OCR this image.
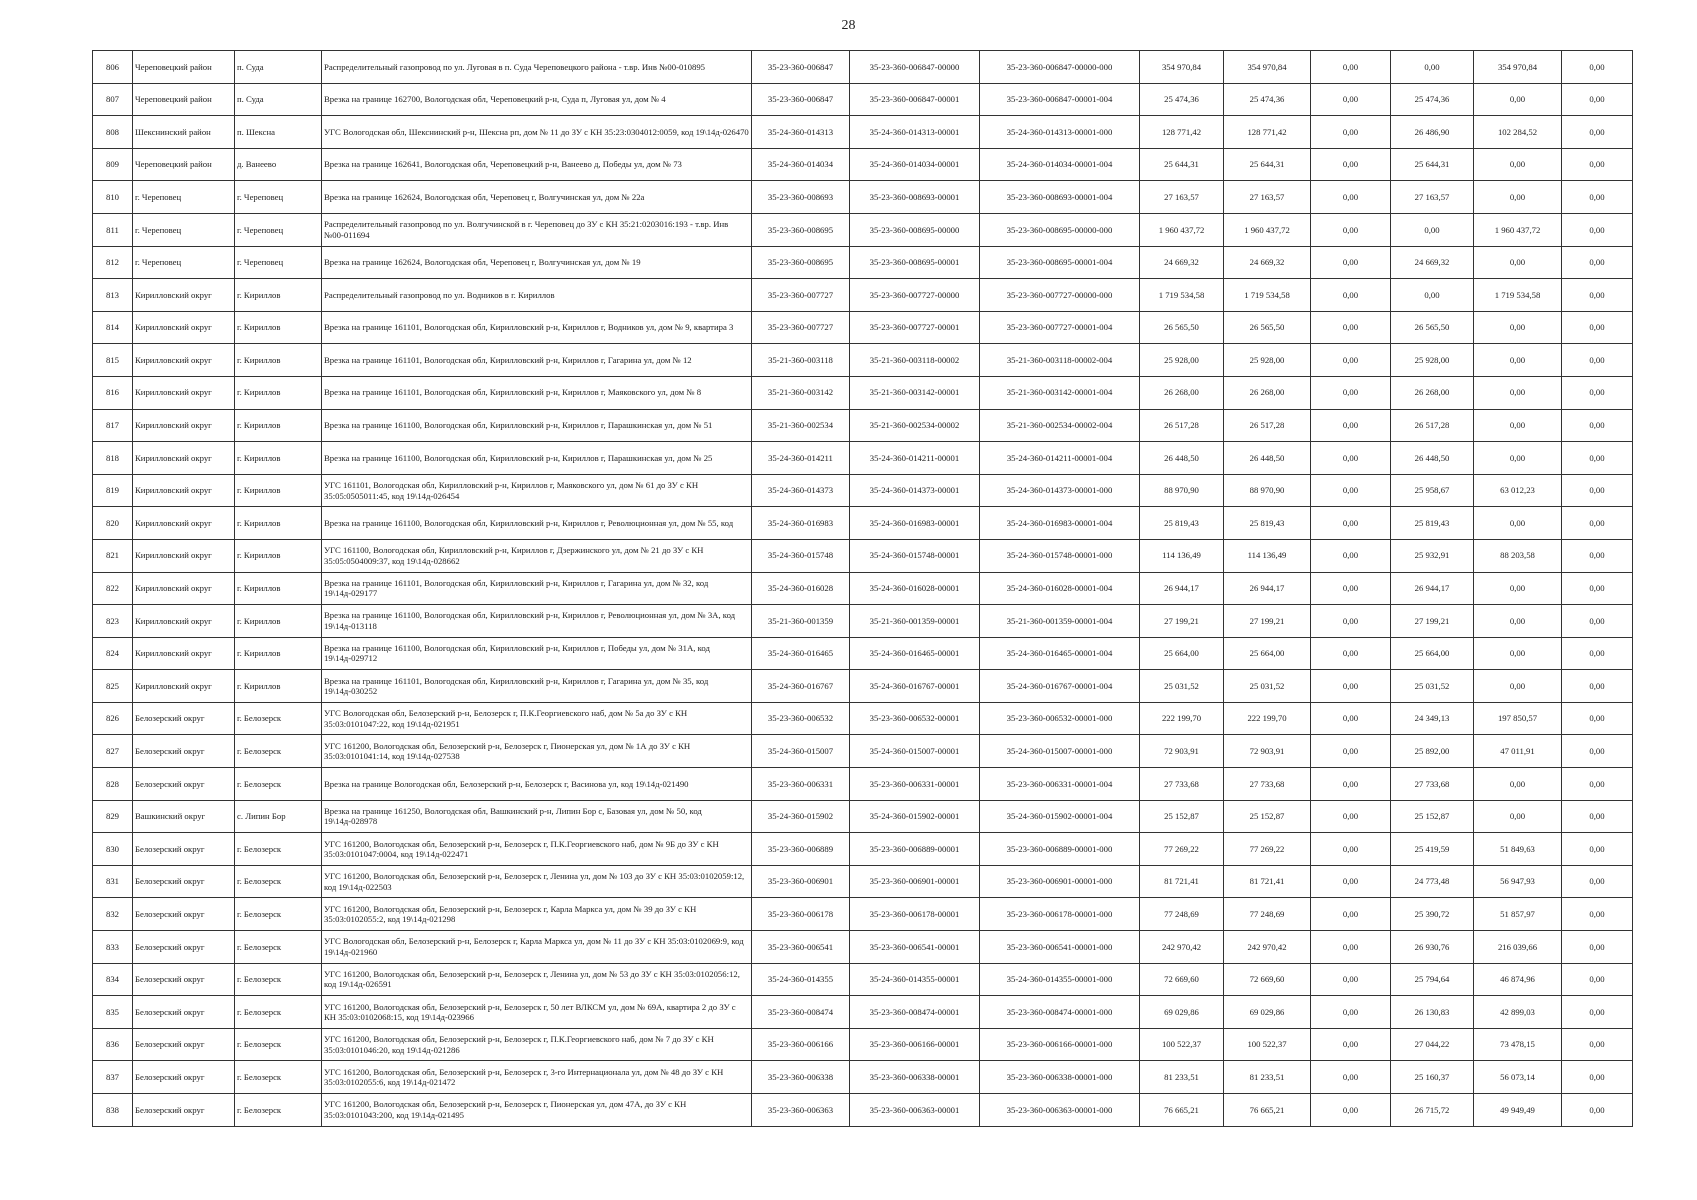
28
806	Череповецкий район	п. Суда	Распределительный газопровод по ул. Луговая в п. Суда Череповецкого района - т.вр. Инв №00-010895	35-23-360-006847	35-23-360-006847-00000	35-23-360-006847-00000-000	354 970,84	354 970,84	0,00	0,00	354 970,84	0,00
807	Череповецкий район	п. Суда	Врезка на границе 162700, Вологодская обл, Череповецкий р-н, Суда п, Луговая ул, дом № 4	35-23-360-006847	35-23-360-006847-00001	35-23-360-006847-00001-004	25 474,36	25 474,36	0,00	25 474,36	0,00	0,00
808	Шекснинский район	п. Шексна	УГС Вологодская обл, Шекснинский р-н, Шексна рп, дом № 11 до ЗУ с КН 35:23:0304012:0059, код 19\14д-026470	35-24-360-014313	35-24-360-014313-00001	35-24-360-014313-00001-000	128 771,42	128 771,42	0,00	26 486,90	102 284,52	0,00
809	Череповецкий район	д. Ванеево	Врезка на границе 162641, Вологодская обл, Череповецкий р-н, Ванеево д, Победы ул, дом № 73	35-24-360-014034	35-24-360-014034-00001	35-24-360-014034-00001-004	25 644,31	25 644,31	0,00	25 644,31	0,00	0,00
810	г. Череповец	г. Череповец	Врезка на границе 162624, Вологодская обл, Череповец г, Волгучинская ул, дом № 22а	35-23-360-008693	35-23-360-008693-00001	35-23-360-008693-00001-004	27 163,57	27 163,57	0,00	27 163,57	0,00	0,00
811	г. Череповец	г. Череповец	Распределительный газопровод по ул. Волгучинской в г. Череповец до ЗУ с КН 35:21:0203016:193 - т.вр. Инв №00-011694	35-23-360-008695	35-23-360-008695-00000	35-23-360-008695-00000-000	1 960 437,72	1 960 437,72	0,00	0,00	1 960 437,72	0,00
812	г. Череповец	г. Череповец	Врезка на границе 162624, Вологодская обл, Череповец г, Волгучинская ул, дом № 19	35-23-360-008695	35-23-360-008695-00001	35-23-360-008695-00001-004	24 669,32	24 669,32	0,00	24 669,32	0,00	0,00
813	Кирилловский округ	г. Кириллов	Распределительный газопровод по ул. Водников в г. Кириллов	35-23-360-007727	35-23-360-007727-00000	35-23-360-007727-00000-000	1 719 534,58	1 719 534,58	0,00	0,00	1 719 534,58	0,00
814	Кирилловский округ	г. Кириллов	Врезка на границе 161101, Вологодская обл, Кирилловский р-н, Кириллов г, Водников ул, дом № 9, квартира 3	35-23-360-007727	35-23-360-007727-00001	35-23-360-007727-00001-004	26 565,50	26 565,50	0,00	26 565,50	0,00	0,00
815	Кирилловский округ	г. Кириллов	Врезка на границе 161101, Вологодская обл, Кирилловский р-н, Кириллов г, Гагарина ул, дом № 12	35-21-360-003118	35-21-360-003118-00002	35-21-360-003118-00002-004	25 928,00	25 928,00	0,00	25 928,00	0,00	0,00
816	Кирилловский округ	г. Кириллов	Врезка на границе 161101, Вологодская обл, Кирилловский р-н, Кириллов г, Маяковского ул, дом № 8	35-21-360-003142	35-21-360-003142-00001	35-21-360-003142-00001-004	26 268,00	26 268,00	0,00	26 268,00	0,00	0,00
817	Кирилловский округ	г. Кириллов	Врезка на границе 161100, Вологодская обл, Кирилловский р-н, Кириллов г, Парашкинская ул, дом № 51	35-21-360-002534	35-21-360-002534-00002	35-21-360-002534-00002-004	26 517,28	26 517,28	0,00	26 517,28	0,00	0,00
818	Кирилловский округ	г. Кириллов	Врезка на границе 161100, Вологодская обл, Кирилловский р-н, Кириллов г, Парашкинская ул, дом № 25	35-24-360-014211	35-24-360-014211-00001	35-24-360-014211-00001-004	26 448,50	26 448,50	0,00	26 448,50	0,00	0,00
819	Кирилловский округ	г. Кириллов	УГС 161101, Вологодская обл, Кирилловский р-н, Кириллов г, Маяковского ул, дом № 61 до ЗУ с КН 35:05:0505011:45, код 19\14д-026454	35-24-360-014373	35-24-360-014373-00001	35-24-360-014373-00001-000	88 970,90	88 970,90	0,00	25 958,67	63 012,23	0,00
820	Кирилловский округ	г. Кириллов	Врезка на границе 161100, Вологодская обл, Кирилловский р-н, Кириллов г, Революционная ул, дом № 55, код	35-24-360-016983	35-24-360-016983-00001	35-24-360-016983-00001-004	25 819,43	25 819,43	0,00	25 819,43	0,00	0,00
821	Кирилловский округ	г. Кириллов	УГС 161100, Вологодская обл, Кирилловский р-н, Кириллов г, Дзержинского ул, дом № 21 до ЗУ с КН 35:05:0504009:37, код 19\14д-028662	35-24-360-015748	35-24-360-015748-00001	35-24-360-015748-00001-000	114 136,49	114 136,49	0,00	25 932,91	88 203,58	0,00
822	Кирилловский округ	г. Кириллов	Врезка на границе 161101, Вологодская обл, Кирилловский р-н, Кириллов г, Гагарина ул, дом № 32, код 19\14д-029177	35-24-360-016028	35-24-360-016028-00001	35-24-360-016028-00001-004	26 944,17	26 944,17	0,00	26 944,17	0,00	0,00
823	Кирилловский округ	г. Кириллов	Врезка на границе 161100, Вологодская обл, Кирилловский р-н, Кириллов г, Революционная ул, дом № 3А, код 19\14д-013118	35-21-360-001359	35-21-360-001359-00001	35-21-360-001359-00001-004	27 199,21	27 199,21	0,00	27 199,21	0,00	0,00
824	Кирилловский округ	г. Кириллов	Врезка на границе 161100, Вологодская обл, Кирилловский р-н, Кириллов г, Победы ул, дом № 31А, код 19\14д-029712	35-24-360-016465	35-24-360-016465-00001	35-24-360-016465-00001-004	25 664,00	25 664,00	0,00	25 664,00	0,00	0,00
825	Кирилловский округ	г. Кириллов	Врезка на границе 161101, Вологодская обл, Кирилловский р-н, Кириллов г, Гагарина ул, дом № 35, код 19\14д-030252	35-24-360-016767	35-24-360-016767-00001	35-24-360-016767-00001-004	25 031,52	25 031,52	0,00	25 031,52	0,00	0,00
826	Белозерский округ	г. Белозерск	УГС Вологодская обл, Белозерский р-н, Белозерск г, П.К.Георгиевского наб, дом № 5а до ЗУ с КН 35:03:0101047:22, код 19\14д-021951	35-23-360-006532	35-23-360-006532-00001	35-23-360-006532-00001-000	222 199,70	222 199,70	0,00	24 349,13	197 850,57	0,00
827	Белозерский округ	г. Белозерск	УГС 161200, Вологодская обл, Белозерский р-н, Белозерск г, Пионерская ул, дом № 1А до ЗУ с КН 35:03:0101041:14, код 19\14д-027538	35-24-360-015007	35-24-360-015007-00001	35-24-360-015007-00001-000	72 903,91	72 903,91	0,00	25 892,00	47 011,91	0,00
828	Белозерский округ	г. Белозерск	Врезка на границе Вологодская обл, Белозерский р-н, Белозерск г, Васинова ул, код 19\14д-021490	35-23-360-006331	35-23-360-006331-00001	35-23-360-006331-00001-004	27 733,68	27 733,68	0,00	27 733,68	0,00	0,00
829	Вашкинский округ	с. Липин Бор	Врезка на границе 161250, Вологодская обл, Вашкинский р-н, Липин Бор с, Базовая ул, дом № 50, код 19\14д-028978	35-24-360-015902	35-24-360-015902-00001	35-24-360-015902-00001-004	25 152,87	25 152,87	0,00	25 152,87	0,00	0,00
830	Белозерский округ	г. Белозерск	УГС 161200, Вологодская обл, Белозерский р-н, Белозерск г, П.К.Георгиевского наб, дом № 9Б до ЗУ с КН 35:03:0101047:0004, код 19\14д-022471	35-23-360-006889	35-23-360-006889-00001	35-23-360-006889-00001-000	77 269,22	77 269,22	0,00	25 419,59	51 849,63	0,00
831	Белозерский округ	г. Белозерск	УГС 161200, Вологодская обл, Белозерский р-н, Белозерск г, Ленина ул, дом № 103 до ЗУ с КН 35:03:0102059:12, код 19\14д-022503	35-23-360-006901	35-23-360-006901-00001	35-23-360-006901-00001-000	81 721,41	81 721,41	0,00	24 773,48	56 947,93	0,00
832	Белозерский округ	г. Белозерск	УГС 161200, Вологодская обл, Белозерский р-н, Белозерск г, Карла Маркса ул, дом № 39 до ЗУ с КН 35:03:0102055:2, код 19\14д-021298	35-23-360-006178	35-23-360-006178-00001	35-23-360-006178-00001-000	77 248,69	77 248,69	0,00	25 390,72	51 857,97	0,00
833	Белозерский округ	г. Белозерск	УГС Вологодская обл, Белозерский р-н, Белозерск г, Карла Маркса ул, дом № 11 до ЗУ с КН 35:03:0102069:9, код 19\14д-021960	35-23-360-006541	35-23-360-006541-00001	35-23-360-006541-00001-000	242 970,42	242 970,42	0,00	26 930,76	216 039,66	0,00
834	Белозерский округ	г. Белозерск	УГС 161200, Вологодская обл, Белозерский р-н, Белозерск г, Ленина ул, дом № 53 до ЗУ с КН 35:03:0102056:12, код 19\14д-026591	35-24-360-014355	35-24-360-014355-00001	35-24-360-014355-00001-000	72 669,60	72 669,60	0,00	25 794,64	46 874,96	0,00
835	Белозерский округ	г. Белозерск	УГС 161200, Вологодская обл, Белозерский р-н, Белозерск г, 50 лет ВЛКСМ ул, дом № 69А, квартира 2 до ЗУ с КН 35:03:0102068:15, код 19\14д-023966	35-23-360-008474	35-23-360-008474-00001	35-23-360-008474-00001-000	69 029,86	69 029,86	0,00	26 130,83	42 899,03	0,00
836	Белозерский округ	г. Белозерск	УГС 161200, Вологодская обл, Белозерский р-н, Белозерск г, П.К.Георгиевского наб, дом № 7 до ЗУ с КН 35:03:0101046:20, код 19\14д-021286	35-23-360-006166	35-23-360-006166-00001	35-23-360-006166-00001-000	100 522,37	100 522,37	0,00	27 044,22	73 478,15	0,00
837	Белозерский округ	г. Белозерск	УГС 161200, Вологодская обл, Белозерский р-н, Белозерск г, 3-го Интернационала ул, дом № 48 до ЗУ с КН 35:03:0102055:6, код 19\14д-021472	35-23-360-006338	35-23-360-006338-00001	35-23-360-006338-00001-000	81 233,51	81 233,51	0,00	25 160,37	56 073,14	0,00
838	Белозерский округ	г. Белозерск	УГС 161200, Вологодская обл, Белозерский р-н, Белозерск г, Пионерская ул, дом 47А, до ЗУ с КН 35:03:0101043:200, код 19\14д-021495	35-23-360-006363	35-23-360-006363-00001	35-23-360-006363-00001-000	76 665,21	76 665,21	0,00	26 715,72	49 949,49	0,00
